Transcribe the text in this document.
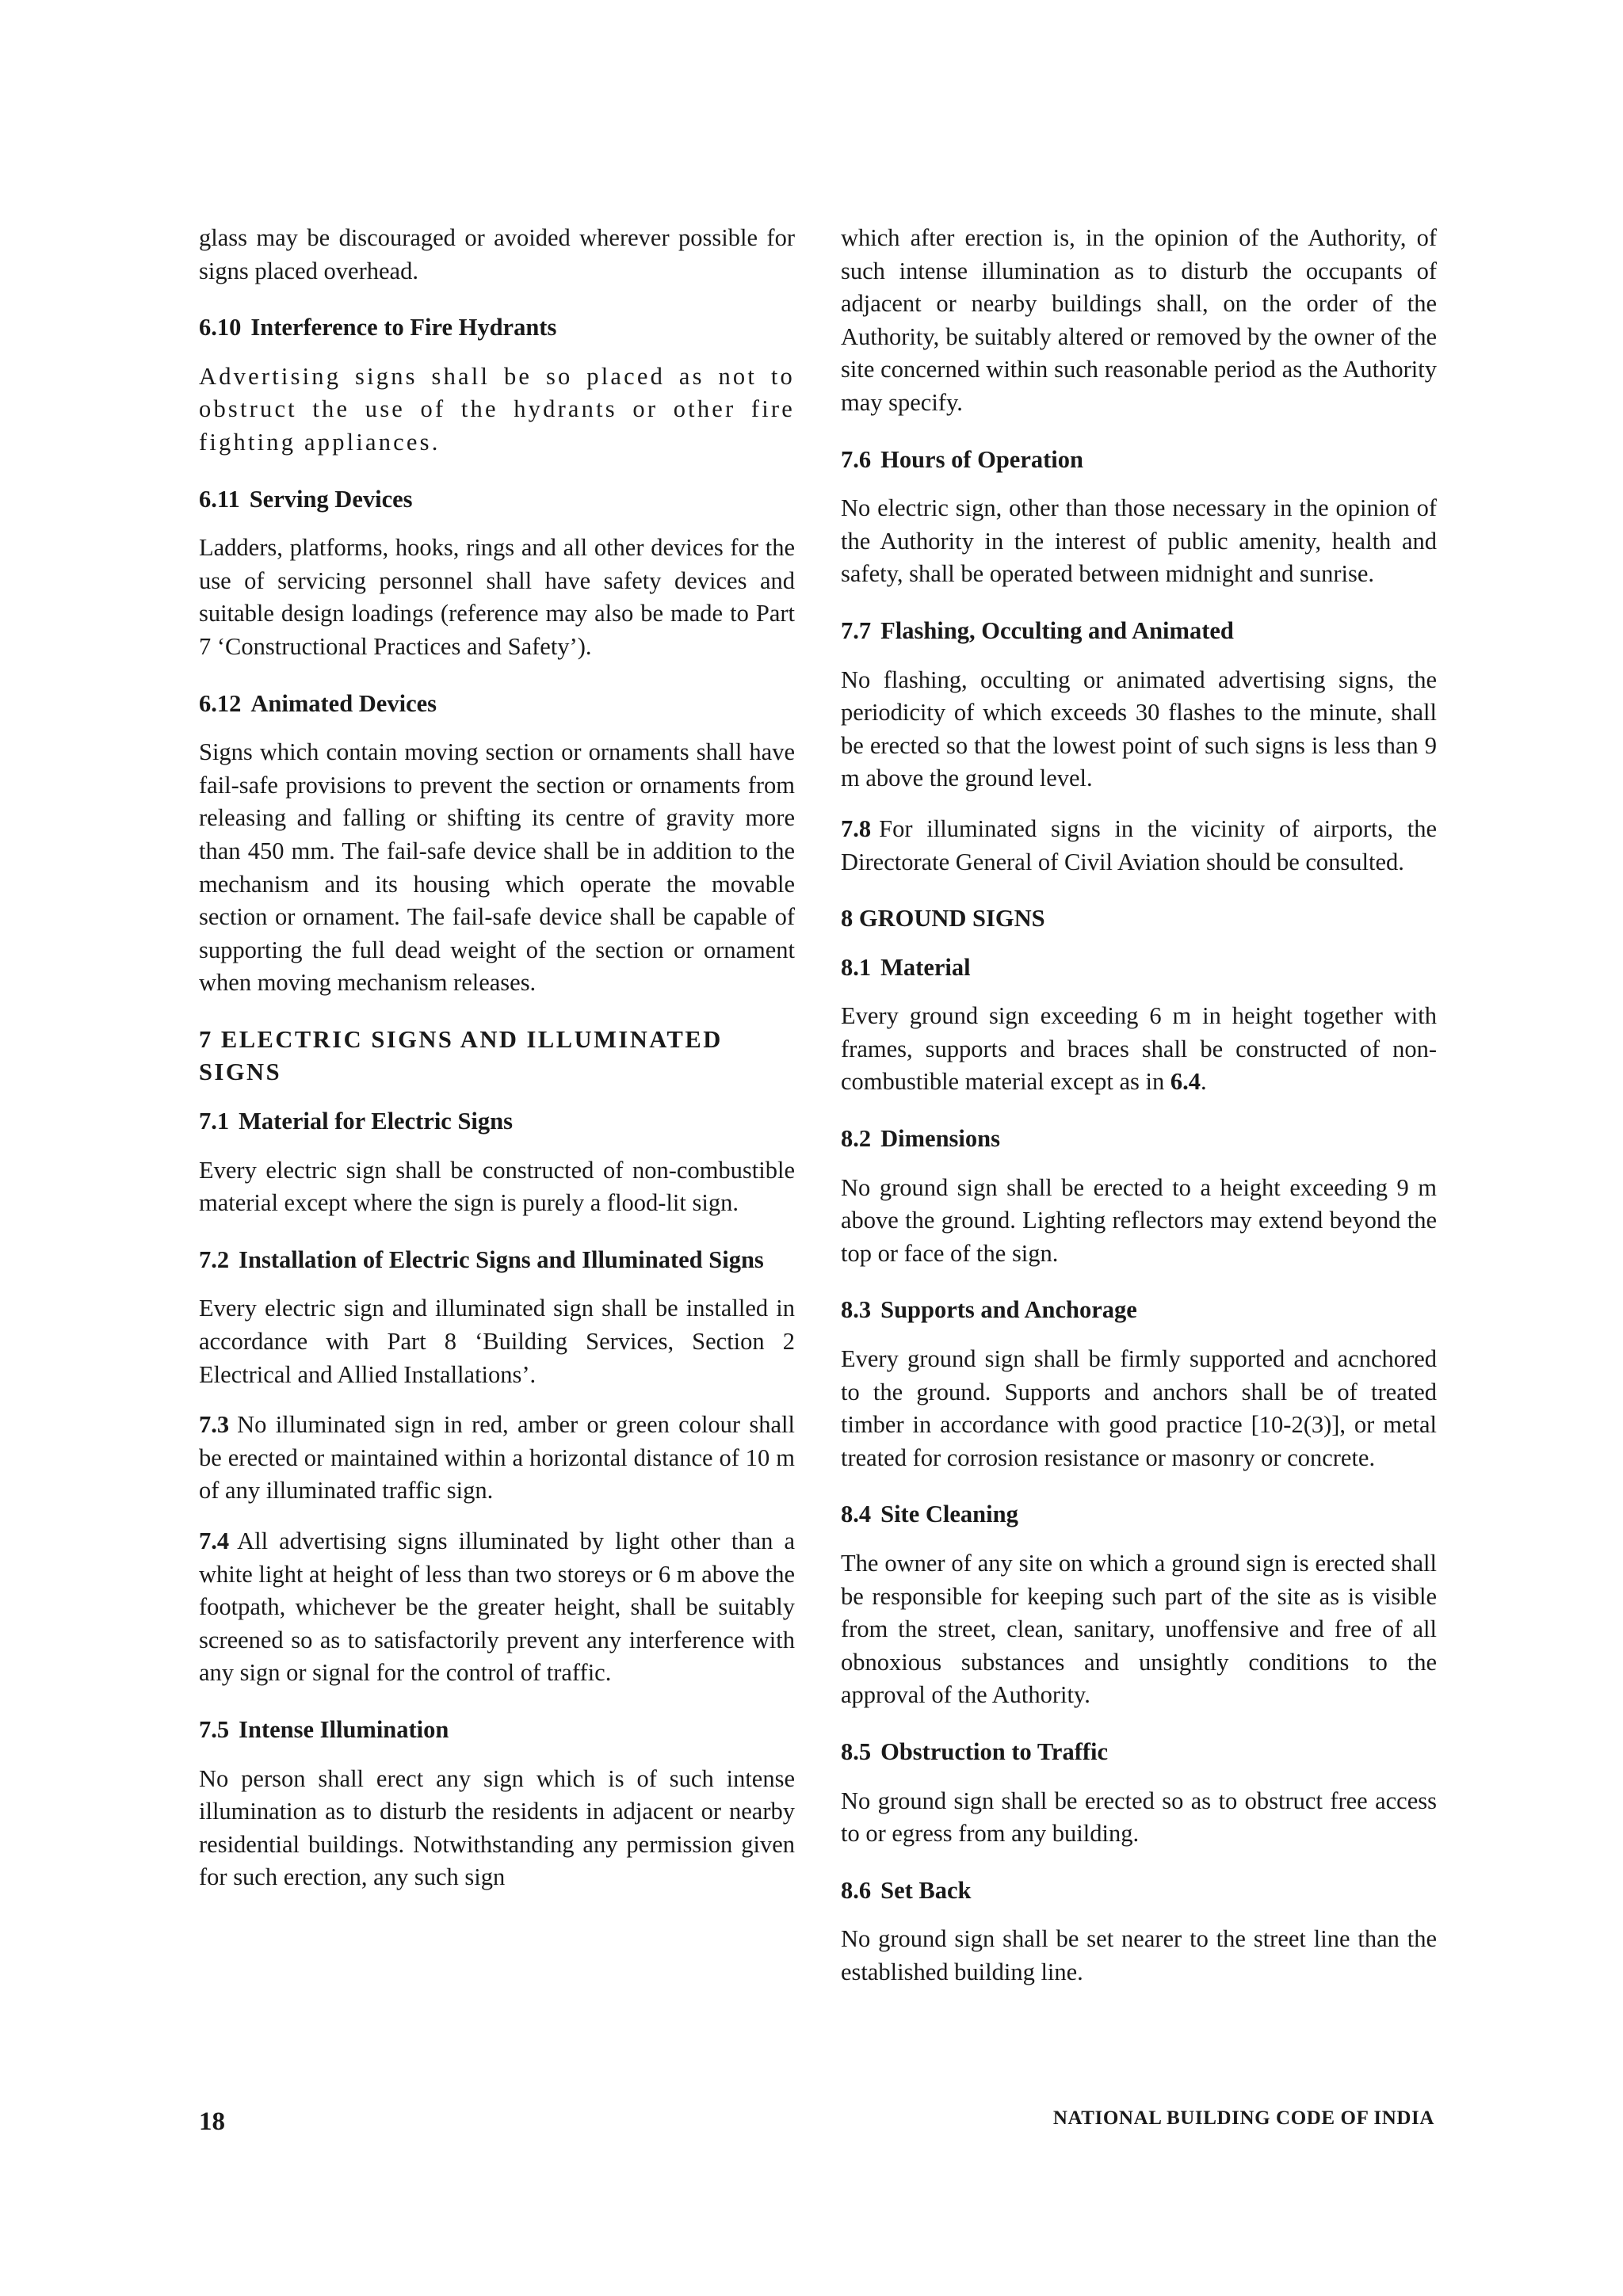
glass may be discouraged or avoided wherever possible for signs placed overhead.

6.10 Interference to Fire Hydrants

Advertising signs shall be so placed as not to obstruct the use of the hydrants or other fire fighting appliances.

6.11 Serving Devices

Ladders, platforms, hooks, rings and all other devices for the use of servicing personnel shall have safety devices and suitable design loadings (reference may also be made to Part 7 ‘Constructional Practices and Safety’).

6.12 Animated Devices

Signs which contain moving section or ornaments shall have fail-safe provisions to prevent the section or ornaments from releasing and falling or shifting its centre of gravity more than 450 mm. The fail-safe device shall be in addition to the mechanism and its housing which operate the movable section or ornament. The fail-safe device shall be capable of supporting the full dead weight of the section or ornament when moving mechanism releases.

7 ELECTRIC SIGNS AND ILLUMINATED SIGNS
7.1 Material for Electric Signs

Every electric sign shall be constructed of non-combustible material except where the sign is purely a flood-lit sign.

7.2 Installation of Electric Signs and Illuminated Signs

Every electric sign and illuminated sign shall be installed in accordance with Part 8 ‘Building Services, Section 2 Electrical and Allied Installations’.

7.3 No illuminated sign in red, amber or green colour shall be erected or maintained within a horizontal distance of 10 m of any illuminated traffic sign.

7.4 All advertising signs illuminated by light other than a white light at height of less than two storeys or 6 m above the footpath, whichever be the greater height, shall be suitably screened so as to satisfactorily prevent any interference with any sign or signal for the control of traffic.

7.5 Intense Illumination

No person shall erect any sign which is of such intense illumination as to disturb the residents in adjacent or nearby residential buildings. Notwithstanding any permission given for such erection, any such sign

which after erection is, in the opinion of the Authority, of such intense illumination as to disturb the occupants of adjacent or nearby buildings shall, on the order of the Authority, be suitably altered or removed by the owner of the site concerned within such reasonable period as the Authority may specify.

7.6 Hours of Operation

No electric sign, other than those necessary in the opinion of the Authority in the interest of public amenity, health and safety, shall be operated between midnight and sunrise.

7.7 Flashing, Occulting and Animated

No flashing, occulting or animated advertising signs, the periodicity of which exceeds 30 flashes to the minute, shall be erected so that the lowest point of such signs is less than 9 m above the ground level.

7.8 For illuminated signs in the vicinity of airports, the Directorate General of Civil Aviation should be consulted.

8 GROUND SIGNS
8.1 Material

Every ground sign exceeding 6 m in height together with frames, supports and braces shall be constructed of non-combustible material except as in 6.4.

8.2 Dimensions

No ground sign shall be erected to a height exceeding 9 m above the ground. Lighting reflectors may extend beyond the top or face of the sign.

8.3 Supports and Anchorage

Every ground sign shall be firmly supported and acnchored to the ground. Supports and anchors shall be of treated timber in accordance with good practice [10-2(3)], or metal treated for corrosion resistance or masonry or concrete.

8.4 Site Cleaning

The owner of any site on which a ground sign is erected shall be responsible for keeping such part of the site as is visible from the street, clean, sanitary, unoffensive and free of all obnoxious substances and unsightly conditions to the approval of the Authority.

8.5 Obstruction to Traffic

No ground sign shall be erected so as to obstruct free access to or egress from any building.

8.6 Set Back

No ground sign shall be set nearer to the street line than the established building line.

18	NATIONAL BUILDING CODE OF INDIA
